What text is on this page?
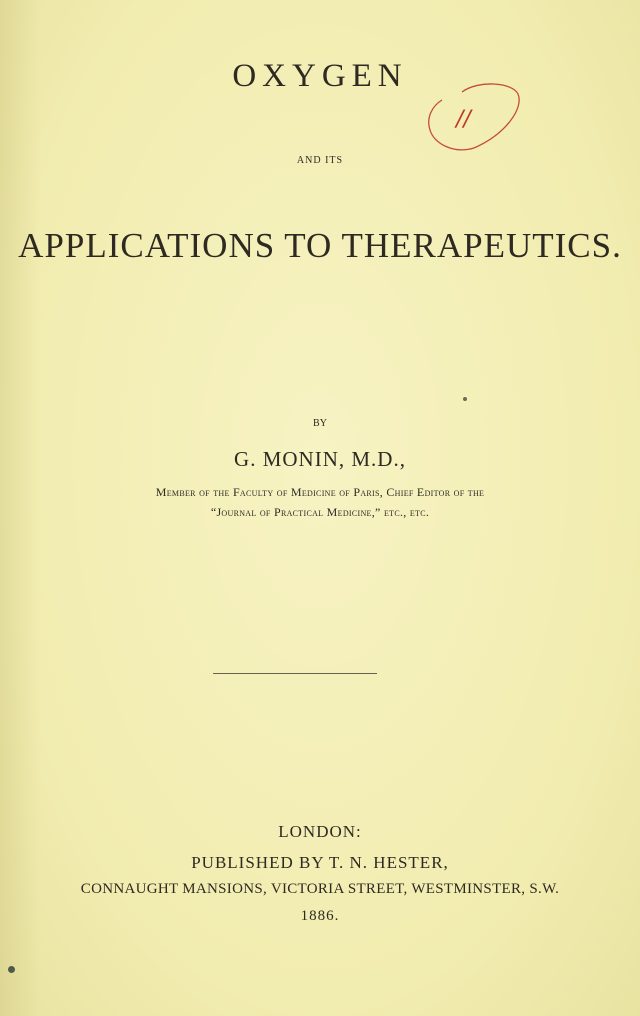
OXYGEN
//
AND ITS
APPLICATIONS TO THERAPEUTICS.
BY
G. MONIN, M.D.,
Member of the Faculty of Medicine of Paris, Chief Editor of the
“Journal of Practical Medicine,” etc., etc.
LONDON:
PUBLISHED BY T. N. HESTER,
CONNAUGHT MANSIONS, VICTORIA STREET, WESTMINSTER, S.W.
1886.
